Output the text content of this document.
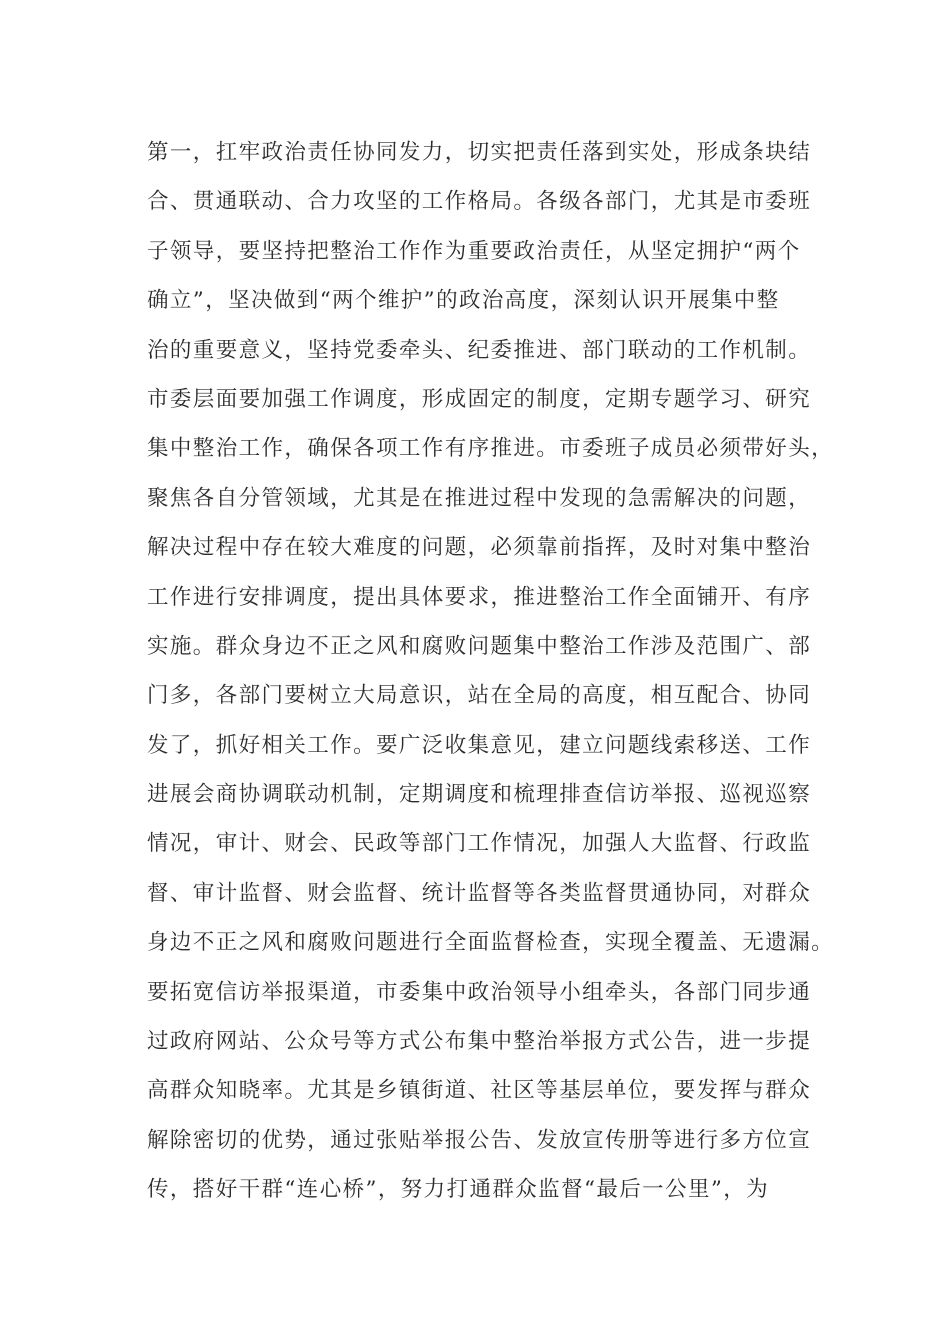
第一，扛牢政治责任协同发力，切实把责任落到实处，形成条块结
合、贯通联动、合力攻坚的工作格局。各级各部门，尤其是市委班
子领导，要坚持把整治工作作为重要政治责任，从坚定拥护“两个
确立”，坚决做到“两个维护”的政治高度，深刻认识开展集中整
治的重要意义，坚持党委牵头、纪委推进、部门联动的工作机制。
市委层面要加强工作调度，形成固定的制度，定期专题学习、研究
集中整治工作，确保各项工作有序推进。市委班子成员必须带好头，
聚焦各自分管领域，尤其是在推进过程中发现的急需解决的问题，
解决过程中存在较大难度的问题，必须靠前指挥，及时对集中整治
工作进行安排调度，提出具体要求，推进整治工作全面铺开、有序
实施。群众身边不正之风和腐败问题集中整治工作涉及范围广、部
门多，各部门要树立大局意识，站在全局的高度，相互配合、协同
发了，抓好相关工作。要广泛收集意见，建立问题线索移送、工作
进展会商协调联动机制，定期调度和梳理排查信访举报、巡视巡察
情况，审计、财会、民政等部门工作情况，加强人大监督、行政监
督、审计监督、财会监督、统计监督等各类监督贯通协同，对群众
身边不正之风和腐败问题进行全面监督检查，实现全覆盖、无遗漏。
要拓宽信访举报渠道，市委集中政治领导小组牵头，各部门同步通
过政府网站、公众号等方式公布集中整治举报方式公告，进一步提
高群众知晓率。尤其是乡镇街道、社区等基层单位，要发挥与群众
解除密切的优势，通过张贴举报公告、发放宣传册等进行多方位宣
传，搭好干群“连心桥”，努力打通群众监督“最后一公里”，为
